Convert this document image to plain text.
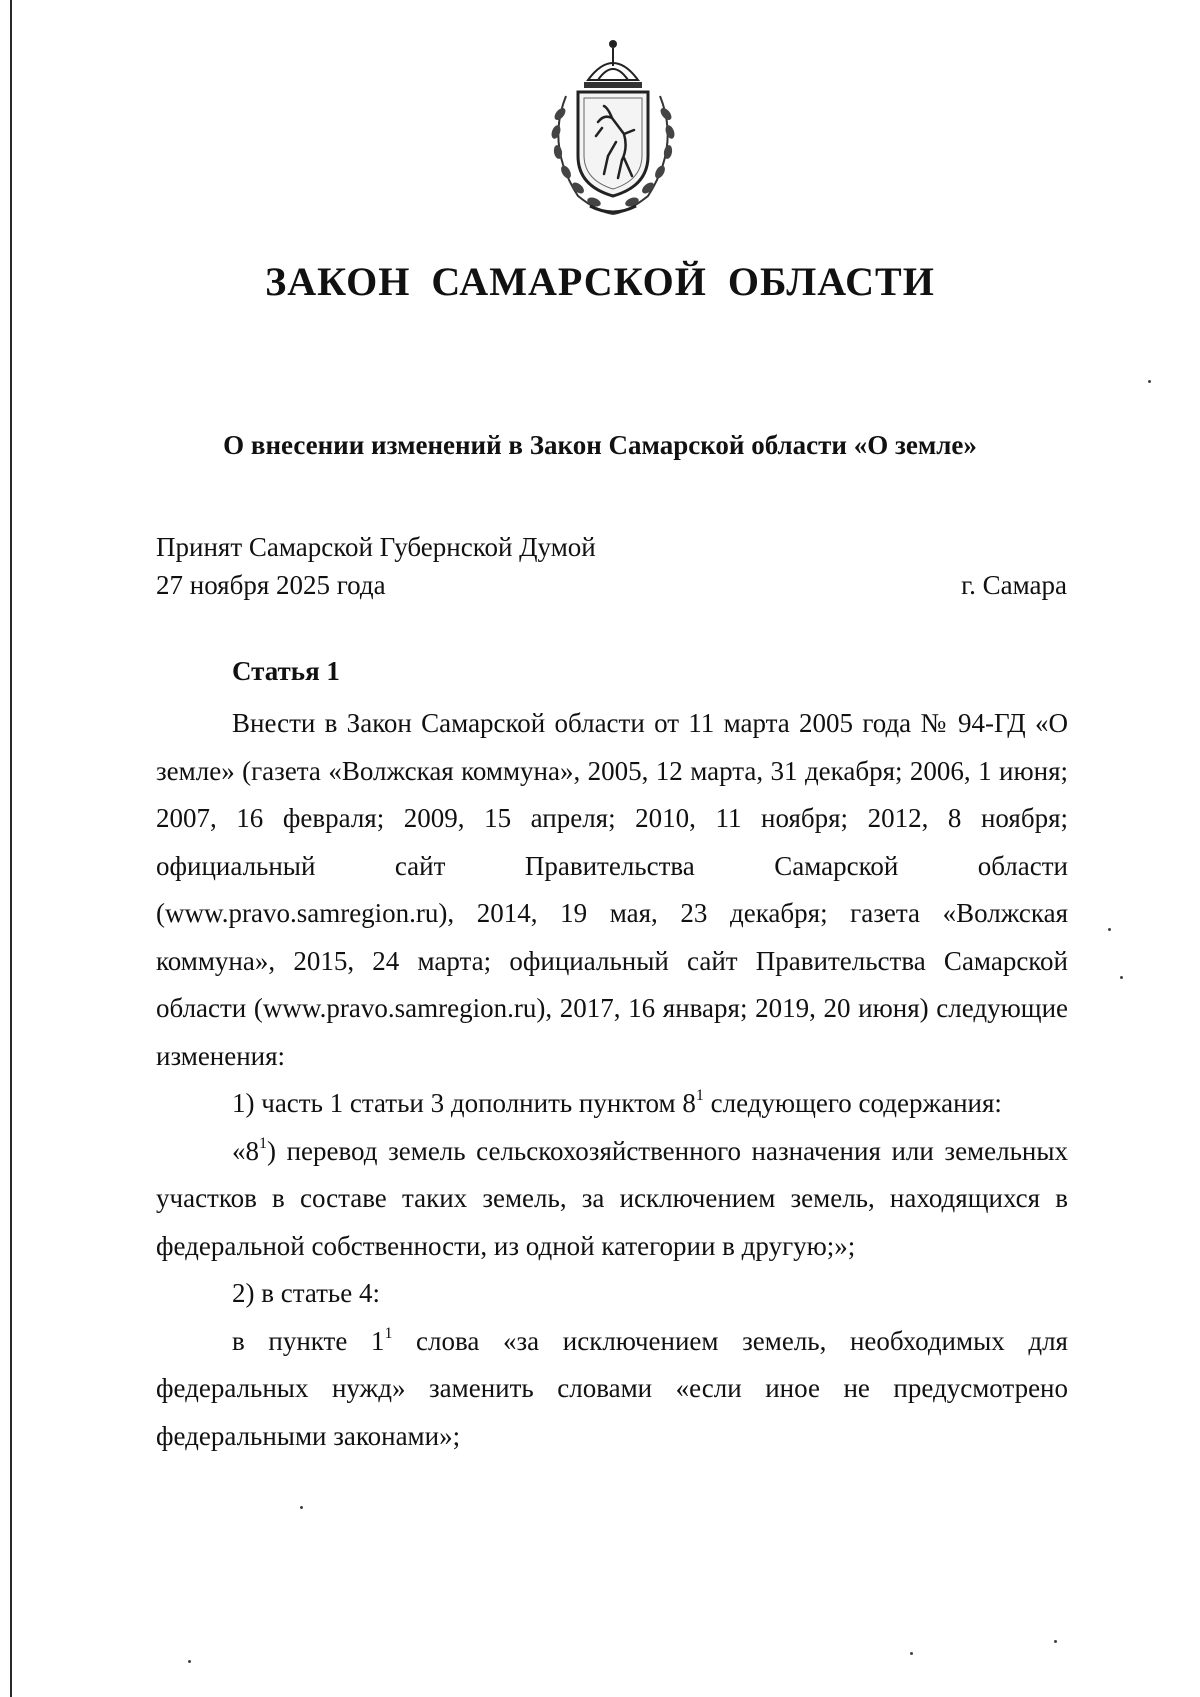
ЗАКОН САМАРСКОЙ ОБЛАСТИ
О внесении изменений в Закон Самарской области «О земле»
Принят Самарской Губернской Думой
27 ноября 2025 года	г. Самара
Статья 1

Внести в Закон Самарской области от 11 марта 2005 года № 94-ГД «О земле» (газета «Волжская коммуна», 2005, 12 марта, 31 декабря; 2006, 1 июня; 2007, 16 февраля; 2009, 15 апреля; 2010, 11 ноября; 2012, 8 ноября; официальный сайт Правительства Самарской области (www.pravo.samregion.ru), 2014, 19 мая, 23 декабря; газета «Волжская коммуна», 2015, 24 марта; официальный сайт Правительства Самарской области (www.pravo.samregion.ru), 2017, 16 января; 2019, 20 июня) следующие изменения:

1) часть 1 статьи 3 дополнить пунктом $8^1$ следующего содержания:

«$8^1$) перевод земель сельскохозяйственного назначения или земельных участков в составе таких земель, за исключением земель, находящихся в федеральной собственности, из одной категории в другую;»;

2) в статье 4:

в пункте $1^1$ слова «за исключением земель, необходимых для федеральных нужд» заменить словами «если иное не предусмотрено федеральными законами»;
